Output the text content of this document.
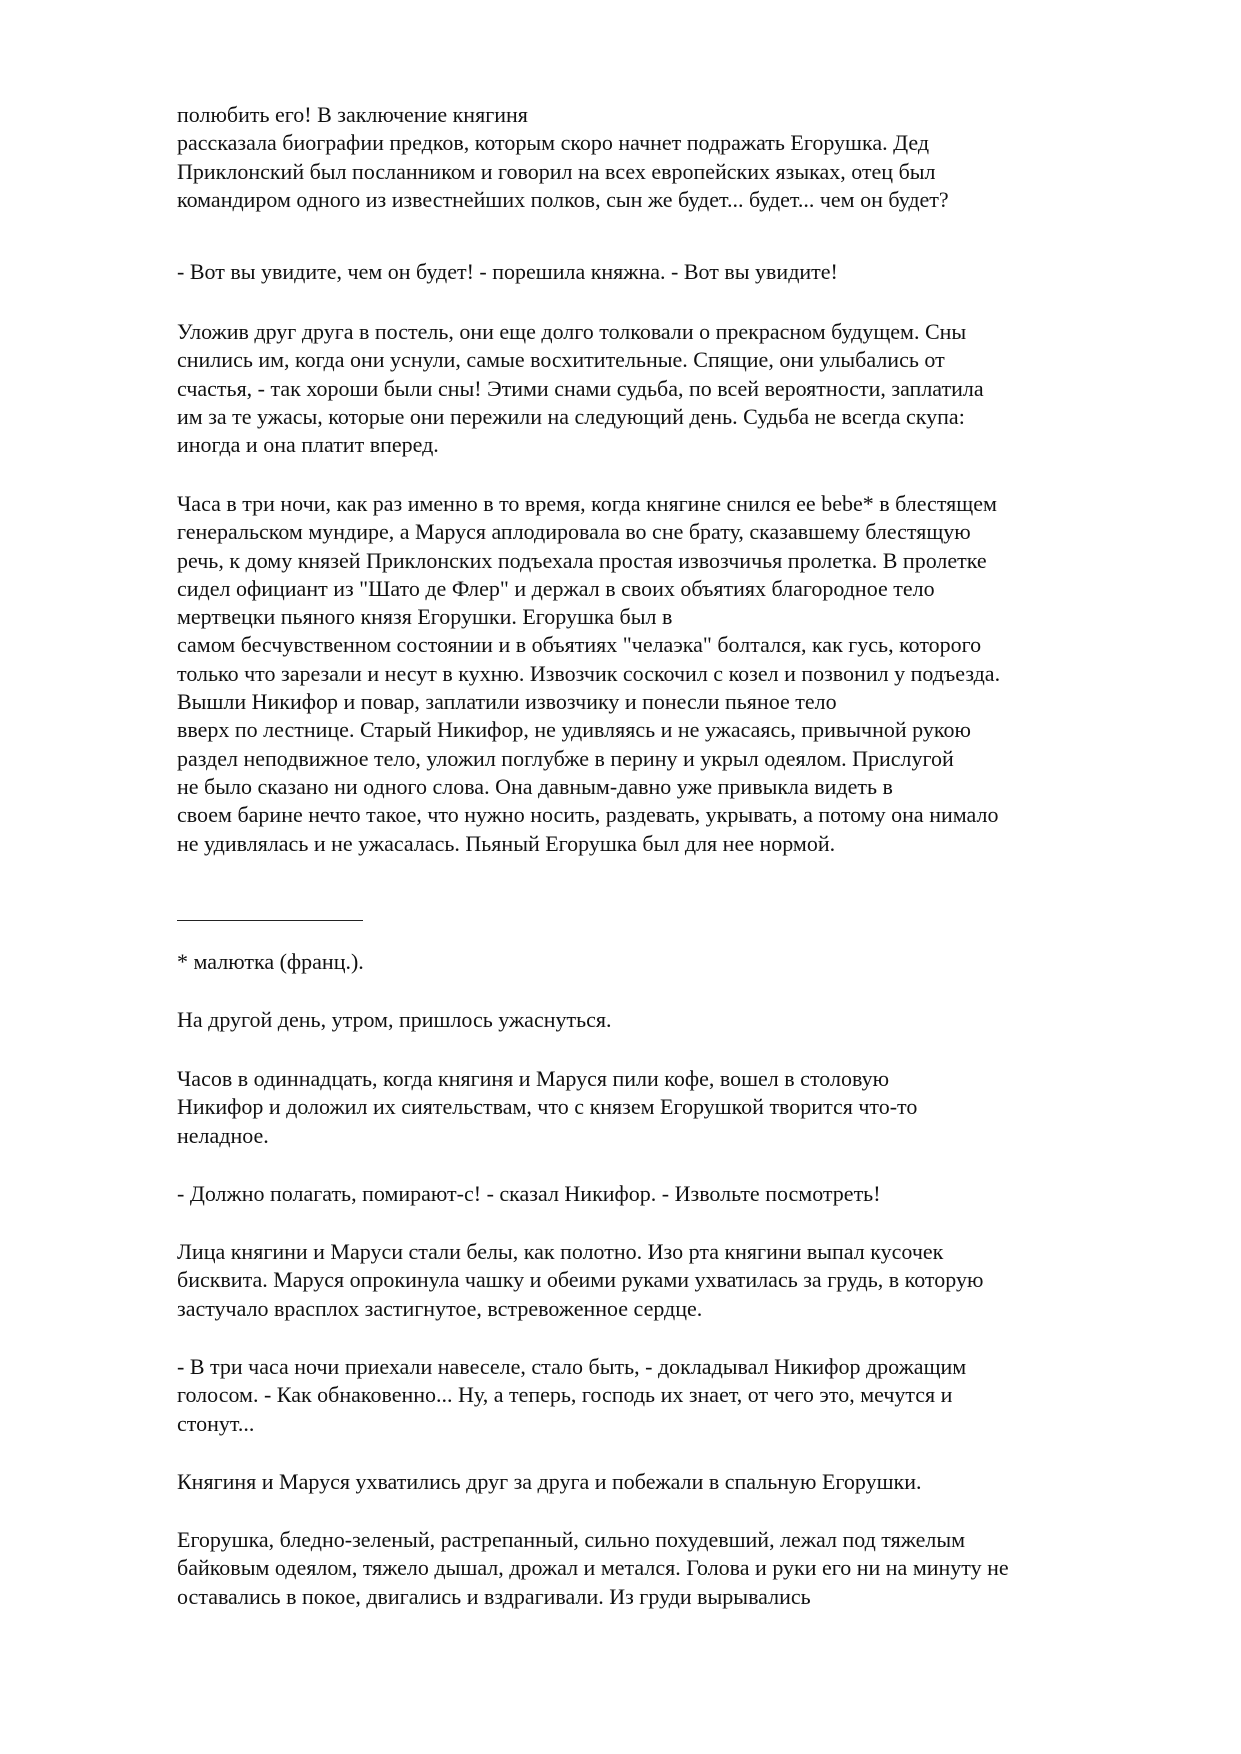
полюбить его! В заключение княгиня
рассказала биографии предков, которым скоро начнет подражать Егорушка. Дед
Приклонский был посланником и говорил на всех европейских языках, отец был
командиром одного из известнейших полков, сын же будет... будет... чем он будет?
- Вот вы увидите, чем он будет! - порешила княжна. - Вот вы увидите!
Уложив друг друга в постель, они еще долго толковали о прекрасном будущем. Сны
снились им, когда они уснули, самые восхитительные. Спящие, они улыбались от
счастья, - так хороши были сны! Этими снами судьба, по всей вероятности, заплатила
им за те ужасы, которые они пережили на следующий день. Судьба не всегда скупа:
иногда и она платит вперед.
Часа в три ночи, как раз именно в то время, когда княгине снился ее bebe* в блестящем
генеральском мундире, а Маруся аплодировала во сне брату, сказавшему блестящую
речь, к дому князей Приклонских подъехала простая извозчичья пролетка. В пролетке
сидел официант из "Шато де Флер" и держал в своих объятиях благородное тело
мертвецки пьяного князя Егорушки. Егорушка был в
самом бесчувственном состоянии и в объятиях "челаэка" болтался, как гусь, которого
только что зарезали и несут в кухню. Извозчик соскочил с козел и позвонил у подъезда.
Вышли Никифор и повар, заплатили извозчику и понесли пьяное тело
вверх по лестнице. Старый Никифор, не удивляясь и не ужасаясь, привычной рукою
раздел неподвижное тело, уложил поглубже в перину и укрыл одеялом. Прислугой
не было сказано ни одного слова. Она давным-давно уже привыкла видеть в
своем барине нечто такое, что нужно носить, раздевать, укрывать, а потому она нимало
не удивлялась и не ужасалась. Пьяный Егорушка был для нее нормой.
* малютка (франц.).
На другой день, утром, пришлось ужаснуться.
Часов в одиннадцать, когда княгиня и Маруся пили кофе, вошел в столовую
Никифор и доложил их сиятельствам, что с князем Егорушкой творится что-то
неладное.
- Должно полагать, помирают-с! - сказал Никифор. - Извольте посмотреть!
Лица княгини и Маруси стали белы, как полотно. Изо рта княгини выпал кусочек
бисквита. Маруся опрокинула чашку и обеими руками ухватилась за грудь, в которую
застучало врасплох застигнутое, встревоженное сердце.
- В три часа ночи приехали навеселе, стало быть, - докладывал Никифор дрожащим
голосом. - Как обнаковенно... Ну, а теперь, господь их знает, от чего это, мечутся и
стонут...
Княгиня и Маруся ухватились друг за друга и побежали в спальную Егорушки.
Егорушка, бледно-зеленый, растрепанный, сильно похудевший, лежал под тяжелым
байковым одеялом, тяжело дышал, дрожал и метался. Голова и руки его ни на минуту не
оставались в покое, двигались и вздрагивали. Из груди вырывались
